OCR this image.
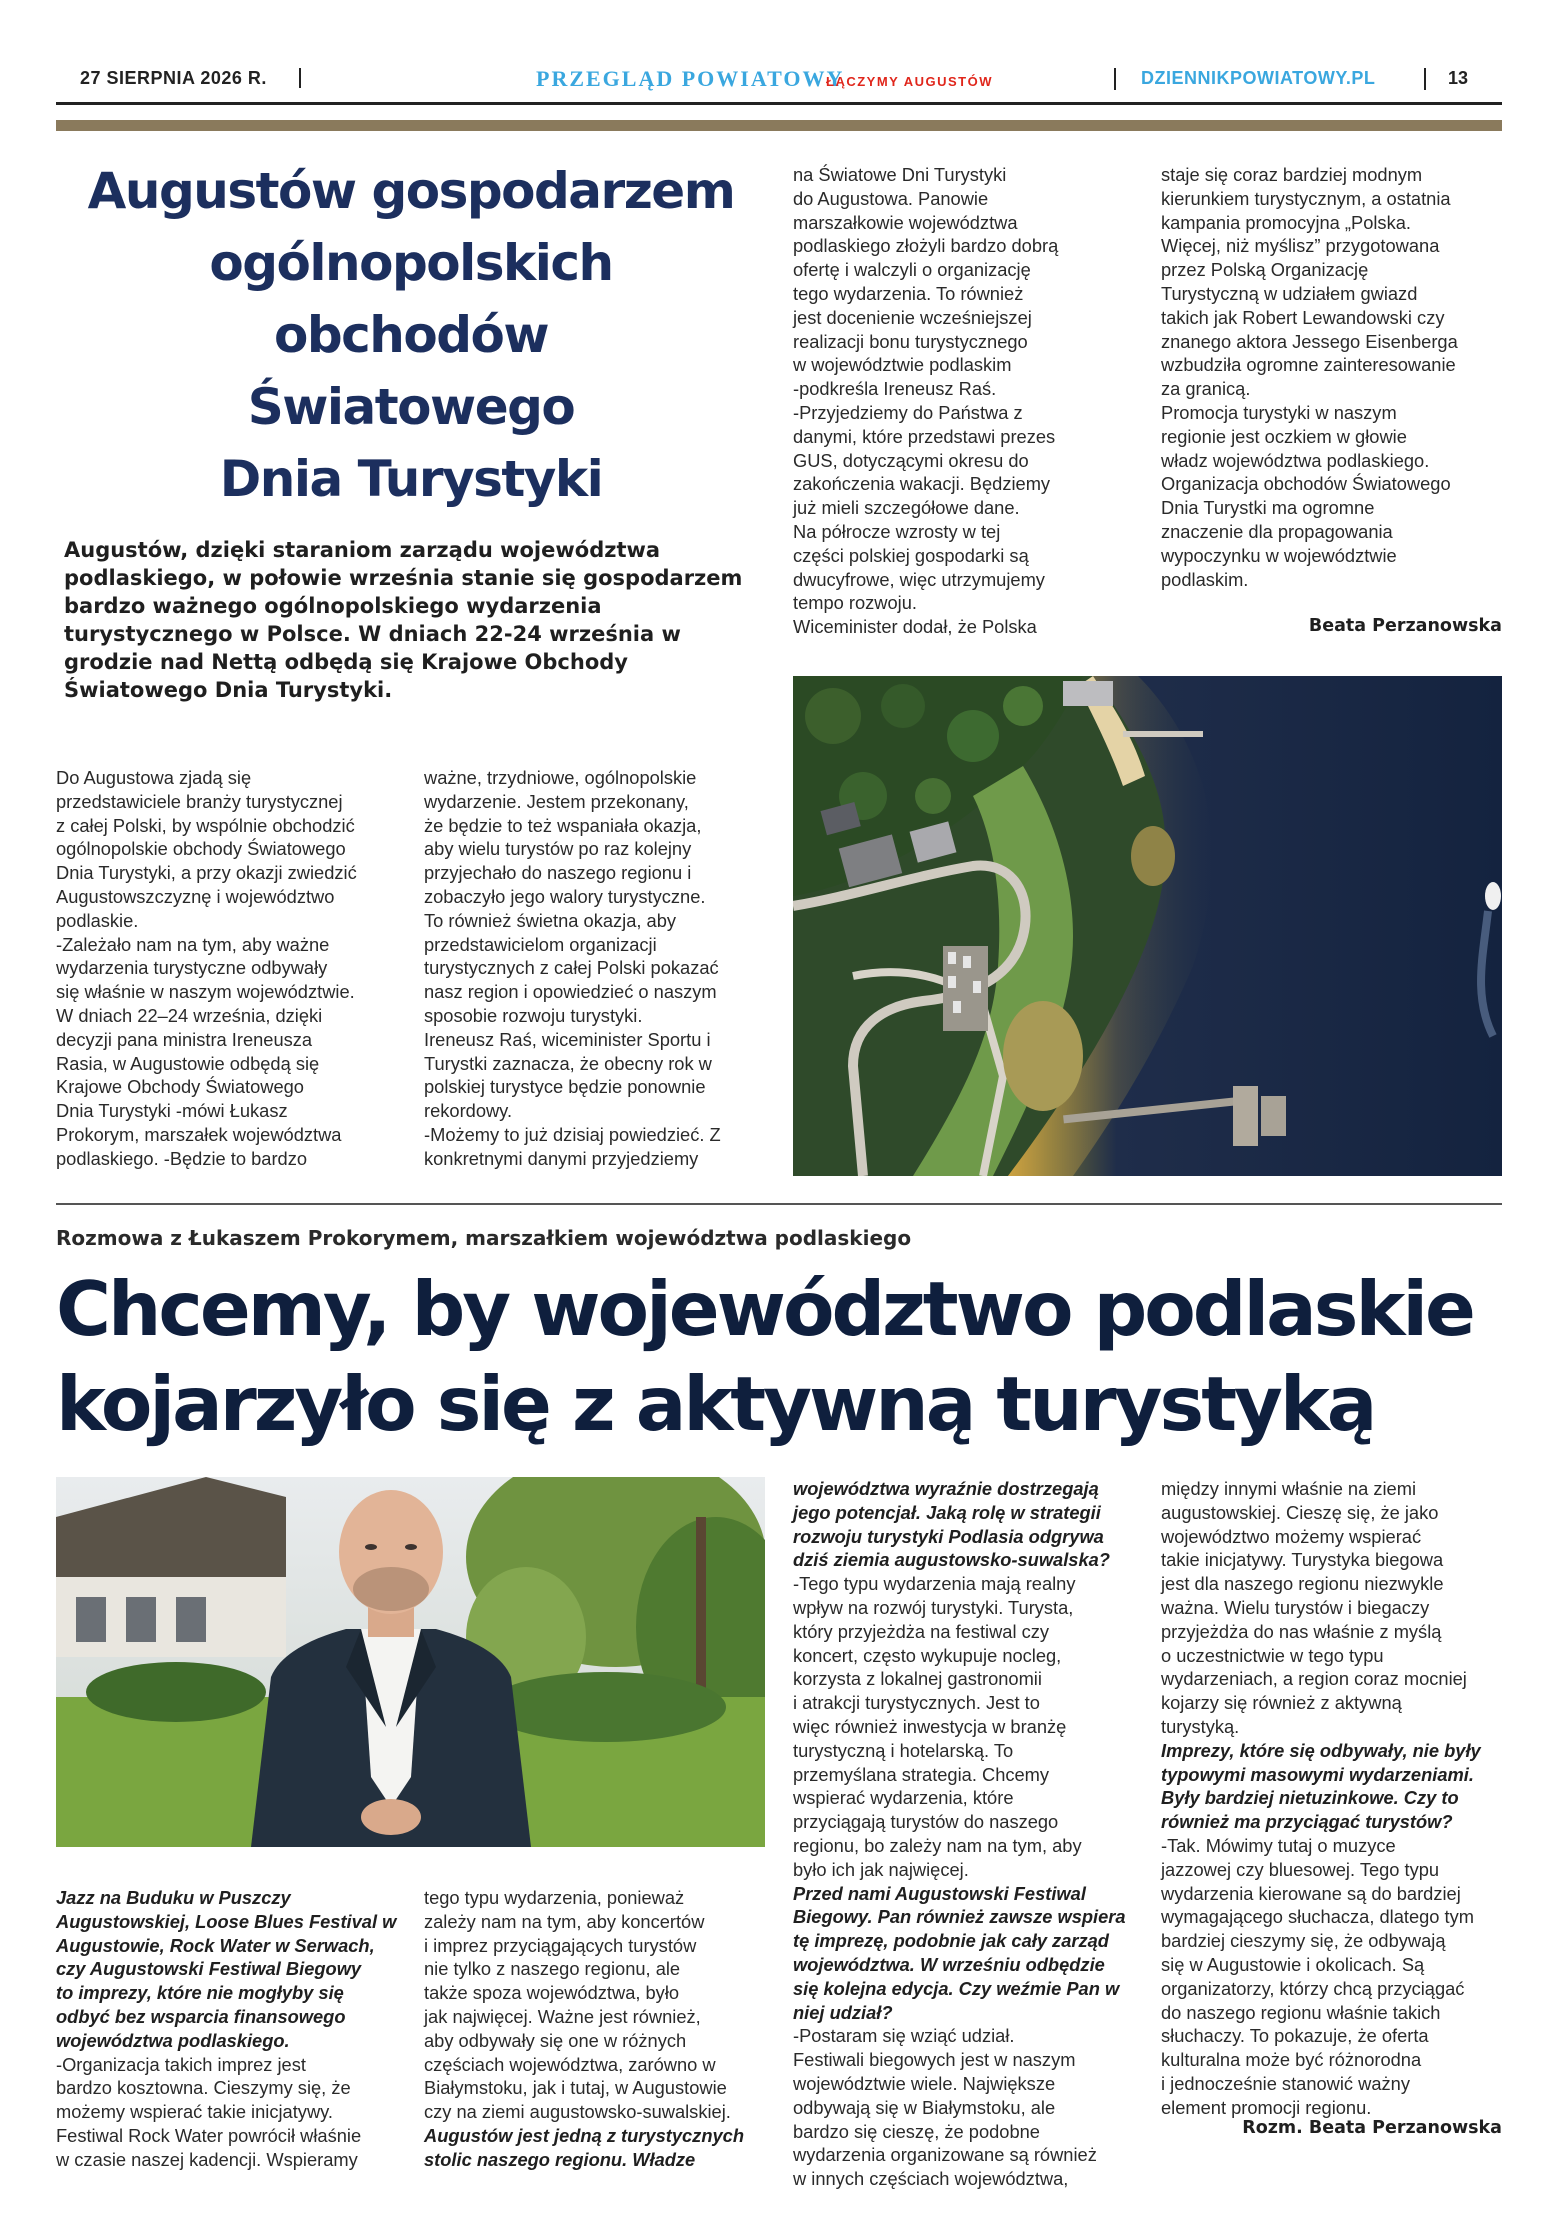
27 SIERPNIA 2026 R.	PRZEGLĄD POWIATOWY
ŁĄCZYMY AUGUSTÓW	DZIENNIKPOWIATOWY.PL	13
Augustów gospodarzem
ogólnopolskich
obchodów
Światowego
Dnia Turystyki
Augustów, dzięki staraniom zarządu województwa podlaskiego, w połowie września stanie się gospodarzem bardzo ważnego ogólnopolskiego wydarzenia turystycznego w Polsce. W dniach 22-24 września w grodzie nad Nettą odbędą się Krajowe Obchody Światowego Dnia Turystyki.
Do Augustowa zjadą się
przedstawiciele branży turystycznej
z całej Polski, by wspólnie obchodzić
ogólnopolskie obchody Światowego
Dnia Turystyki, a przy okazji zwiedzić
Augustowszczyznę i województwo
podlaskie.
-Zależało nam na tym, aby ważne
wydarzenia turystyczne odbywały
się właśnie w naszym województwie.
W dniach 22–24 września, dzięki
decyzji pana ministra Ireneusza
Rasia, w Augustowie odbędą się
Krajowe Obchody Światowego
Dnia Turystyki -mówi Łukasz
Prokorym, marszałek województwa
podlaskiego. -Będzie to bardzo
ważne, trzydniowe, ogólnopolskie
wydarzenie. Jestem przekonany,
że będzie to też wspaniała okazja,
aby wielu turystów po raz kolejny
przyjechało do naszego regionu i
zobaczyło jego walory turystyczne.
To również świetna okazja, aby
przedstawicielom organizacji
turystycznych z całej Polski pokazać
nasz region i opowiedzieć o naszym
sposobie rozwoju turystyki.
Ireneusz Raś, wiceminister Sportu i
Turystki zaznacza, że obecny rok w
polskiej turystyce będzie ponownie
rekordowy.
-Możemy to już dzisiaj powiedzieć. Z
konkretnymi danymi przyjedziemy
na Światowe Dni Turystyki
do Augustowa. Panowie
marszałkowie województwa
podlaskiego złożyli bardzo dobrą
ofertę i walczyli o organizację
tego wydarzenia. To również
jest docenienie wcześniejszej
realizacji bonu turystycznego
w województwie podlaskim
-podkreśla Ireneusz Raś.
-Przyjedziemy do Państwa z
danymi, które przedstawi prezes
GUS, dotyczącymi okresu do
zakończenia wakacji. Będziemy
już mieli szczegółowe dane.
Na półrocze wzrosty w tej
części polskiej gospodarki są
dwucyfrowe, więc utrzymujemy
tempo rozwoju.
Wiceminister dodał, że Polska
staje się coraz bardziej modnym
kierunkiem turystycznym, a ostatnia
kampania promocyjna „Polska.
Więcej, niż myślisz” przygotowana
przez Polską Organizację
Turystyczną w udziałem gwiazd
takich jak Robert Lewandowski czy
znanego aktora Jessego Eisenberga
wzbudziła ogromne zainteresowanie
za granicą.
Promocja turystyki w naszym
regionie jest oczkiem w głowie
władz województwa podlaskiego.
Organizacja obchodów Światowego
Dnia Turystki ma ogromne
znaczenie dla propagowania
wypoczynku w województwie
podlaskim.
Beata Perzanowska
Rozmowa z Łukaszem Prokorymem, marszałkiem województwa podlaskiego
Chcemy, by województwo podlaskie
kojarzyło się z aktywną turystyką
Jazz na Buduku w Puszczy
Augustowskiej, Loose Blues Festival w
Augustowie, Rock Water w Serwach,
czy Augustowski Festiwal Biegowy
to imprezy, które nie mogłyby się
odbyć bez wsparcia finansowego
województwa podlaskiego.
-Organizacja takich imprez jest
bardzo kosztowna. Cieszymy się, że
możemy wspierać takie inicjatywy.
Festiwal Rock Water powrócił właśnie
w czasie naszej kadencji. Wspieramy
tego typu wydarzenia, ponieważ
zależy nam na tym, aby koncertów
i imprez przyciągających turystów
nie tylko z naszego regionu, ale
także spoza województwa, było
jak najwięcej. Ważne jest również,
aby odbywały się one w różnych
częściach województwa, zarówno w
Białymstoku, jak i tutaj, w Augustowie
czy na ziemi augustowsko-suwalskiej.
Augustów jest jedną z turystycznych
stolic naszego regionu. Władze
województwa wyraźnie dostrzegają
jego potencjał. Jaką rolę w strategii
rozwoju turystyki Podlasia odgrywa
dziś ziemia augustowsko-suwalska?
-Tego typu wydarzenia mają realny
wpływ na rozwój turystyki. Turysta,
który przyjeżdża na festiwal czy
koncert, często wykupuje nocleg,
korzysta z lokalnej gastronomii
i atrakcji turystycznych. Jest to
więc również inwestycja w branżę
turystyczną i hotelarską. To
przemyślana strategia. Chcemy
wspierać wydarzenia, które
przyciągają turystów do naszego
regionu, bo zależy nam na tym, aby
było ich jak najwięcej.
Przed nami Augustowski Festiwal
Biegowy. Pan również zawsze wspiera
tę imprezę, podobnie jak cały zarząd
województwa. W wrześniu odbędzie
się kolejna edycja. Czy weźmie Pan w
niej udział?
-Postaram się wziąć udział.
Festiwali biegowych jest w naszym
województwie wiele. Największe
odbywają się w Białymstoku, ale
bardzo się cieszę, że podobne
wydarzenia organizowane są również
w innych częściach województwa,
między innymi właśnie na ziemi
augustowskiej. Cieszę się, że jako
województwo możemy wspierać
takie inicjatywy. Turystyka biegowa
jest dla naszego regionu niezwykle
ważna. Wielu turystów i biegaczy
przyjeżdża do nas właśnie z myślą
o uczestnictwie w tego typu
wydarzeniach, a region coraz mocniej
kojarzy się również z aktywną
turystyką.
Imprezy, które się odbywały, nie były
typowymi masowymi wydarzeniami.
Były bardziej nietuzinkowe. Czy to
również ma przyciągać turystów?
-Tak. Mówimy tutaj o muzyce
jazzowej czy bluesowej. Tego typu
wydarzenia kierowane są do bardziej
wymagającego słuchacza, dlatego tym
bardziej cieszymy się, że odbywają
się w Augustowie i okolicach. Są
organizatorzy, którzy chcą przyciągać
do naszego regionu właśnie takich
słuchaczy. To pokazuje, że oferta
kulturalna może być różnorodna
i jednocześnie stanowić ważny
element promocji regionu.
Rozm. Beata Perzanowska
